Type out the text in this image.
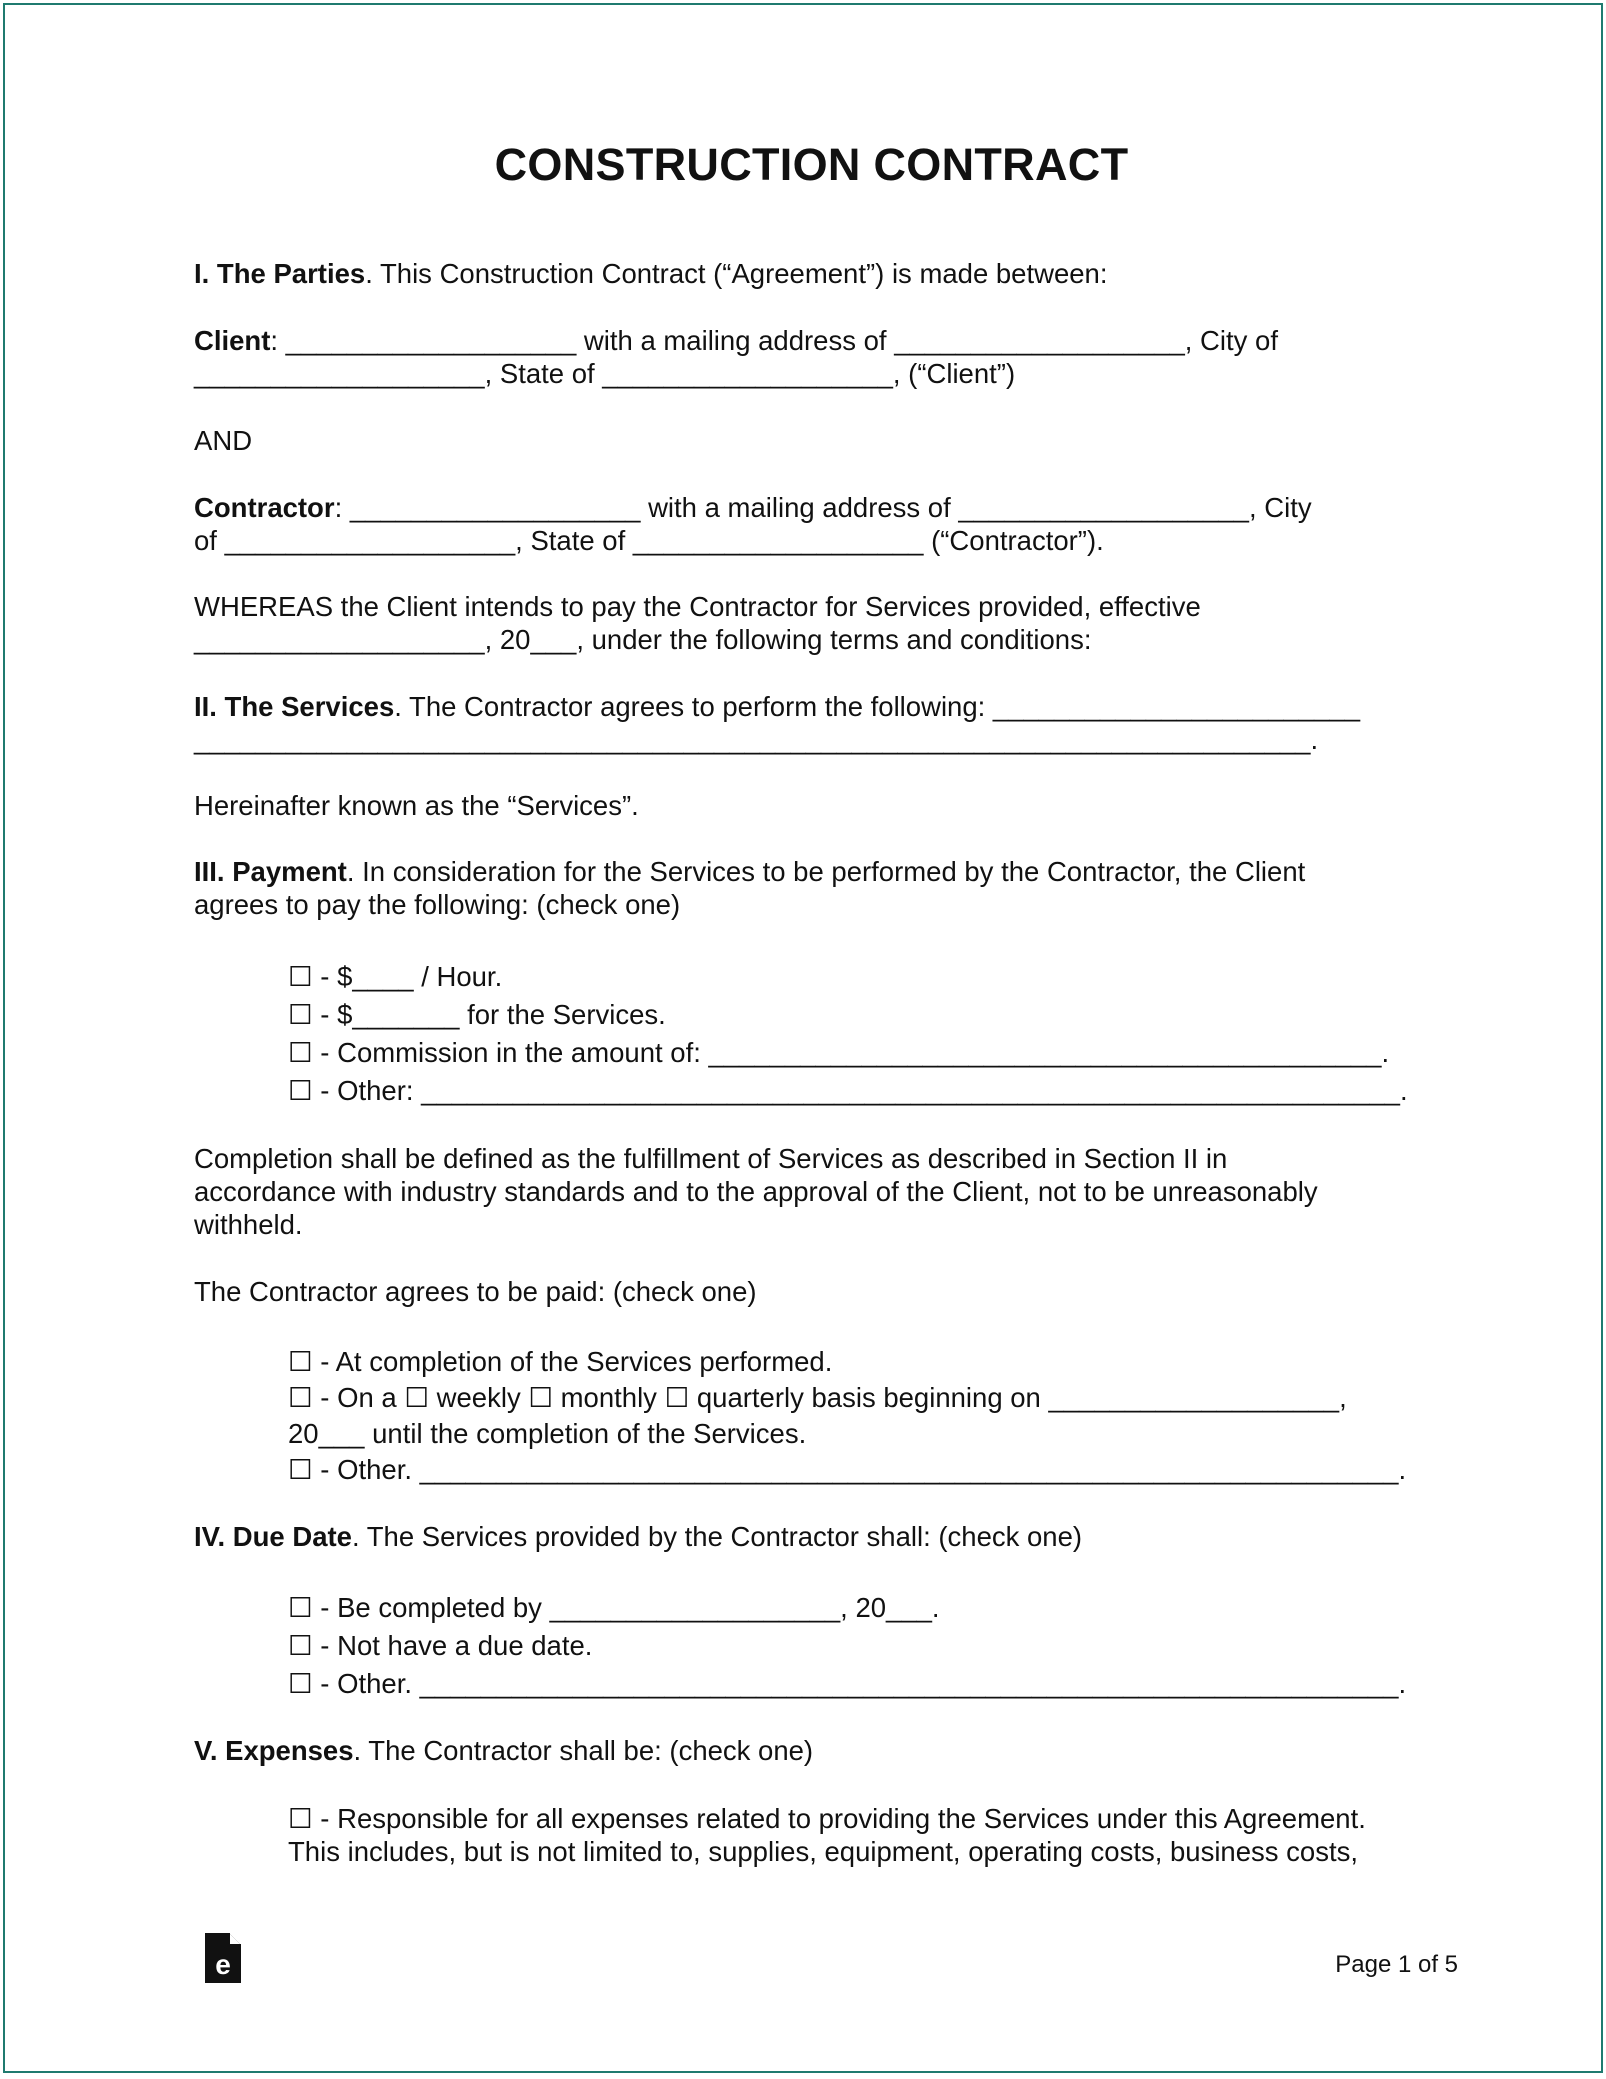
CONSTRUCTION CONTRACT

I. The Parties. This Construction Contract (“Agreement”) is made between:

Client: ___________________ with a mailing address of ___________________, City of
___________________, State of ___________________, (“Client”)

AND

Contractor: ___________________ with a mailing address of ___________________, City
of ___________________, State of ___________________ (“Contractor”).

WHEREAS the Client intends to pay the Contractor for Services provided, effective
___________________, 20___, under the following terms and conditions:

II. The Services. The Contractor agrees to perform the following: ________________________
_________________________________________________________________________.

Hereinafter known as the “Services”.

III. Payment. In consideration for the Services to be performed by the Contractor, the Client
agrees to pay the following: (check one)

☐ - $____ / Hour.
☐ - $_______ for the Services.
☐ - Commission in the amount of: ____________________________________________.
☐ - Other: ________________________________________________________________.

Completion shall be defined as the fulfillment of Services as described in Section II in
accordance with industry standards and to the approval of the Client, not to be unreasonably
withheld.

The Contractor agrees to be paid: (check one)

☐ - At completion of the Services performed.
☐ - On a ☐ weekly ☐ monthly ☐ quarterly basis beginning on ___________________,
20___ until the completion of the Services.
☐ - Other. ________________________________________________________________.

IV. Due Date. The Services provided by the Contractor shall: (check one)

☐ - Be completed by ___________________, 20___.
☐ - Not have a due date.
☐ - Other. ________________________________________________________________.

V. Expenses. The Contractor shall be: (check one)

☐ - Responsible for all expenses related to providing the Services under this Agreement.
This includes, but is not limited to, supplies, equipment, operating costs, business costs,
e	Page 1 of 5
